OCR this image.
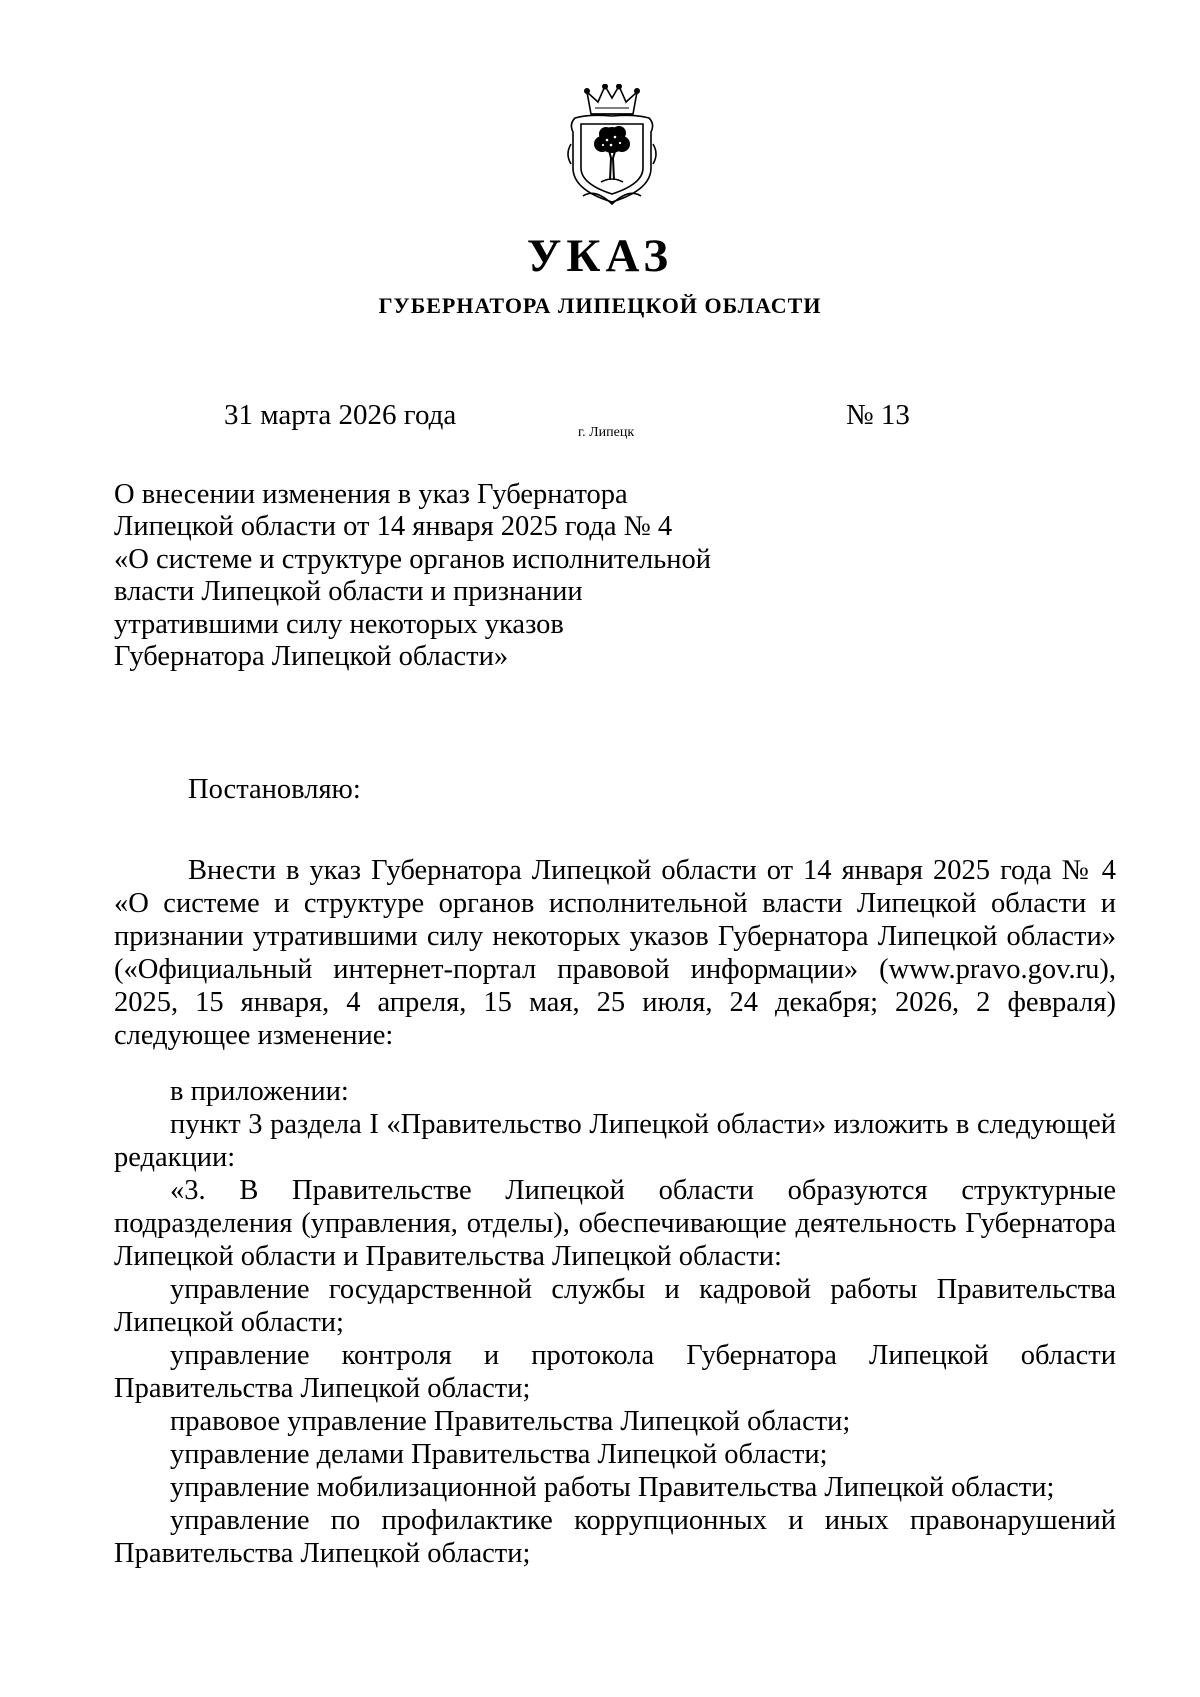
УКАЗ
ГУБЕРНАТОРА ЛИПЕЦКОЙ ОБЛАСТИ
31 марта 2026 года
г. Липецк
№ 13
О внесении изменения в указ Губернатора
Липецкой области от 14 января 2025 года № 4
«О системе и структуре органов исполнительной
власти Липецкой области и признании
утратившими силу некоторых указов
Губернатора Липецкой области»
Постановляю:
Внести в указ Губернатора Липецкой области от 14 января 2025 года № 4
«О системе и структуре органов исполнительной власти Липецкой области и
признании утратившими силу некоторых указов Губернатора Липецкой области»
(«Официальный интернет-портал правовой информации» (www.pravo.gov.ru),
2025, 15 января, 4 апреля, 15 мая, 25 июля, 24 декабря; 2026, 2 февраля)
следующее изменение:
в приложении:
пункт 3 раздела I «Правительство Липецкой области» изложить в следующей
редакции:
«3. В Правительстве Липецкой области образуются структурные
подразделения (управления, отделы), обеспечивающие деятельность Губернатора
Липецкой области и Правительства Липецкой области:
управление государственной службы и кадровой работы Правительства
Липецкой области;
управление контроля и протокола Губернатора Липецкой области
Правительства Липецкой области;
правовое управление Правительства Липецкой области;
управление делами Правительства Липецкой области;
управление мобилизационной работы Правительства Липецкой области;
управление по профилактике коррупционных и иных правонарушений
Правительства Липецкой области;
